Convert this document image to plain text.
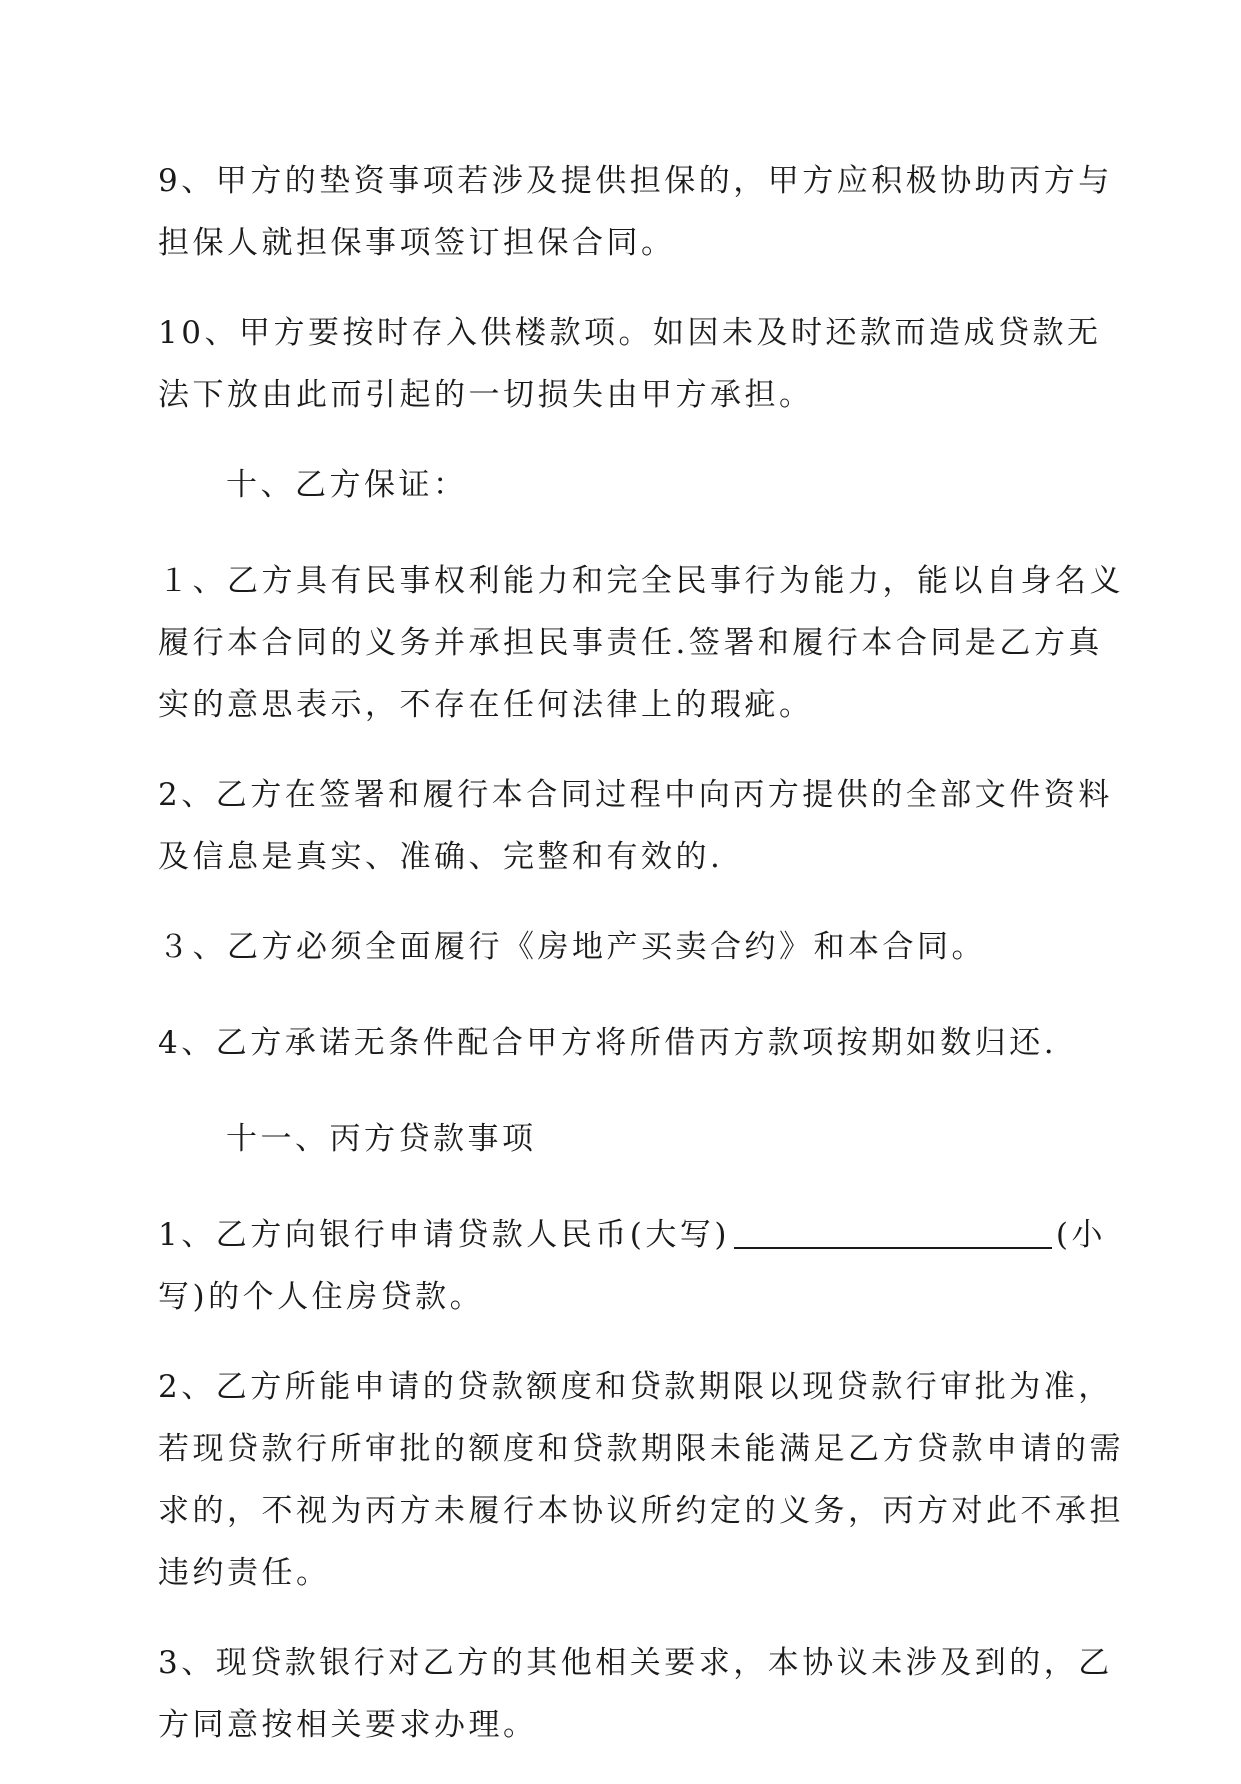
9、甲方的垫资事项若涉及提供担保的，甲方应积极协助丙方与担保人就担保事项签订担保合同。

10、甲方要按时存入供楼款项。如因未及时还款而造成贷款无法下放由此而引起的一切损失由甲方承担。

十、乙方保证：

１、乙方具有民事权利能力和完全民事行为能力，能以自身名义履行本合同的义务并承担民事责任.签署和履行本合同是乙方真实的意思表示，不存在任何法律上的瑕疵。

2、乙方在签署和履行本合同过程中向丙方提供的全部文件资料及信息是真实、准确、完整和有效的.

３、乙方必须全面履行《房地产买卖合约》和本合同。

4、乙方承诺无条件配合甲方将所借丙方款项按期如数归还.

十一、丙方贷款事项

1、乙方向银行申请贷款人民币(大写)	(小写)的个人住房贷款。

2、乙方所能申请的贷款额度和贷款期限以现贷款行审批为准，若现贷款行所审批的额度和贷款期限未能满足乙方贷款申请的需求的，不视为丙方未履行本协议所约定的义务，丙方对此不承担违约责任。

3、现贷款银行对乙方的其他相关要求，本协议未涉及到的，乙方同意按相关要求办理。
